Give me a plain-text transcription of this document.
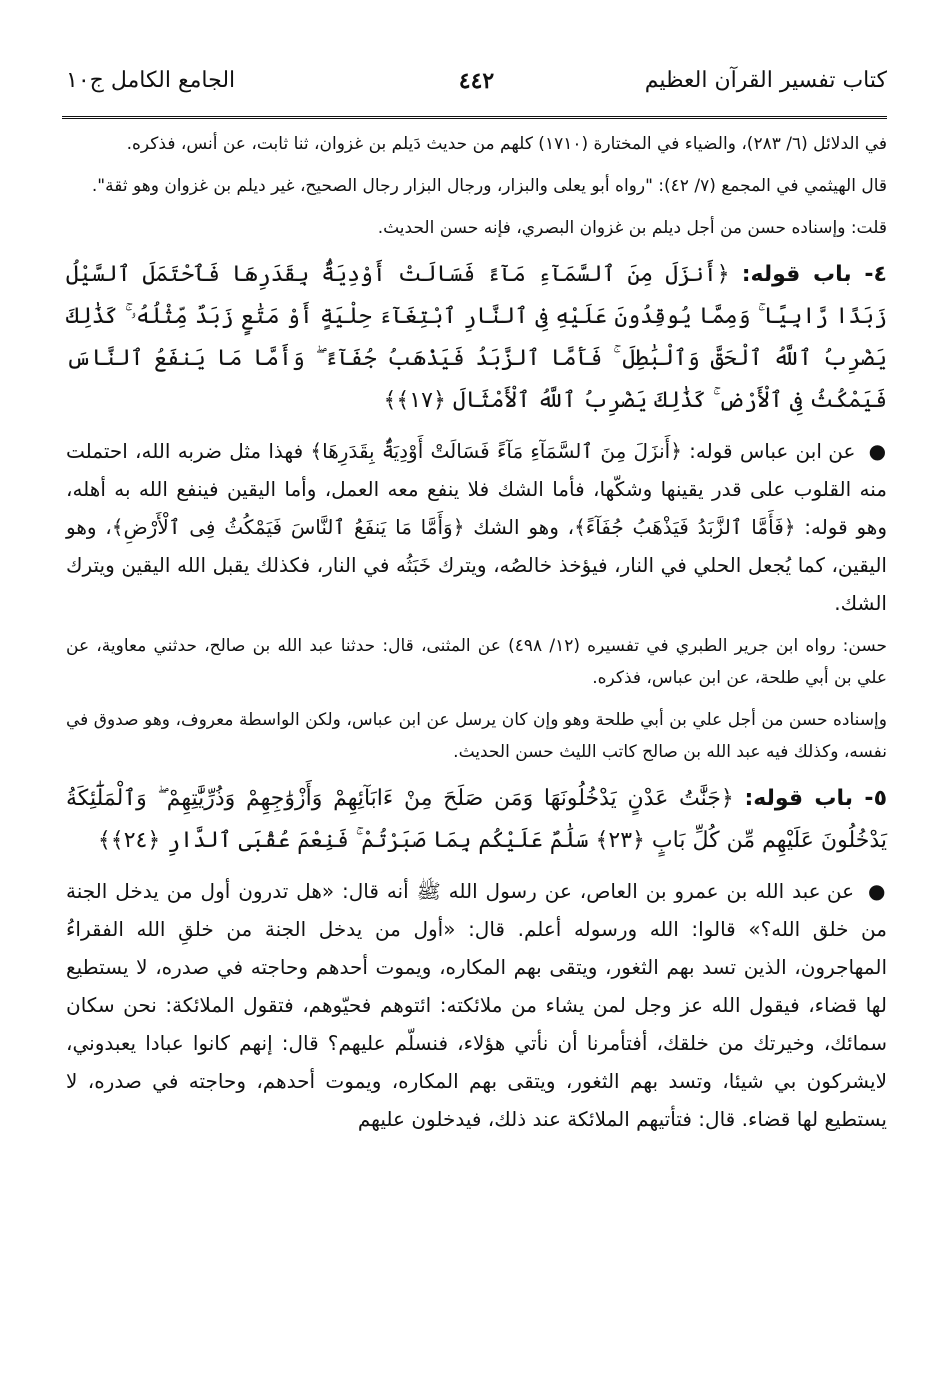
كتاب تفسير القرآن العظيم
٤٤٢
الجامع الكامل ج١٠

في الدلائل (٦/ ٢٨٣)، والضياء في المختارة (١٧١٠) كلهم من حديث دَيلم بن غزوان، ثنا ثابت، عن أنس، فذكره.

قال الهيثمي في المجمع (٧/ ٤٢): "رواه أبو يعلى والبزار، ورجال البزار رجال الصحيح، غير ديلم بن غزوان وهو ثقة".

قلت: وإسناده حسن من أجل ديلم بن غزوان البصري، فإنه حسن الحديث.

٤- باب قوله: ﴿أَنزَلَ مِنَ ٱلسَّمَآءِ مَآءً فَسَالَتْ أَوْدِيَةٌۢ بِقَدَرِهَا فَٱحْتَمَلَ ٱلسَّيْلُ زَبَدًا رَّابِيًا ۚ وَمِمَّا يُوقِدُونَ عَلَيْهِ فِى ٱلنَّارِ ٱبْتِغَآءَ حِلْيَةٍ أَوْ مَتَٰعٍ زَبَدٌ مِّثْلُهُۥ ۚ كَذَٰلِكَ يَضْرِبُ ٱللَّهُ ٱلْحَقَّ وَٱلْبَٰطِلَ ۚ فَأَمَّا ٱلزَّبَدُ فَيَذْهَبُ جُفَآءً ۖ وَأَمَّا مَا يَنفَعُ ٱلنَّاسَ فَيَمْكُثُ فِى ٱلْأَرْضِ ۚ كَذَٰلِكَ يَضْرِبُ ٱللَّهُ ٱلْأَمْثَالَ ﴿١٧﴾﴾

● عن ابن عباس قوله: ﴿أَنزَلَ مِنَ ٱلسَّمَآءِ مَآءً فَسَالَتْ أَوْدِيَةٌۢ بِقَدَرِهَا﴾ فهذا مثل ضربه الله، احتملت منه القلوب على قدر يقينها وشكّها، فأما الشك فلا ينفع معه العمل، وأما اليقين فينفع الله به أهله، وهو قوله: ﴿فَأَمَّا ٱلزَّبَدُ فَيَذْهَبُ جُفَآءً﴾، وهو الشك ﴿وَأَمَّا مَا يَنفَعُ ٱلنَّاسَ فَيَمْكُثُ فِى ٱلْأَرْضِ﴾، وهو اليقين، كما يُجعل الحلي في النار، فيؤخذ خالصُه، ويترك خَبَثُه في النار، فكذلك يقبل الله اليقين ويترك الشك.

حسن: رواه ابن جرير الطبري في تفسيره (١٢/ ٤٩٨) عن المثنى، قال: حدثنا عبد الله بن صالح، حدثني معاوية، عن علي بن أبي طلحة، عن ابن عباس، فذكره.

وإسناده حسن من أجل علي بن أبي طلحة وهو وإن كان يرسل عن ابن عباس، ولكن الواسطة معروف، وهو صدوق في نفسه، وكذلك فيه عبد الله بن صالح كاتب الليث حسن الحديث.

٥- باب قوله: ﴿جَنَّٰتُ عَدْنٍ يَدْخُلُونَهَا وَمَن صَلَحَ مِنْ ءَابَآئِهِمْ وَأَزْوَٰجِهِمْ وَذُرِّيَّٰتِهِمْ ۖ وَٱلْمَلَٰٓئِكَةُ يَدْخُلُونَ عَلَيْهِم مِّن كُلِّ بَابٍ ﴿٢٣﴾ سَلَٰمٌ عَلَيْكُم بِمَا صَبَرْتُمْ ۚ فَنِعْمَ عُقْبَى ٱلدَّارِ ﴿٢٤﴾﴾

● عن عبد الله بن عمرو بن العاص، عن رسول الله ﷺ أنه قال: «هل تدرون أول من يدخل الجنة من خلق الله؟» قالوا: الله ورسوله أعلم. قال: «أول من يدخل الجنة من خلقِ الله الفقراءُ المهاجرون، الذين تسد بهم الثغور، ويتقى بهم المكاره، ويموت أحدهم وحاجته في صدره، لا يستطيع لها قضاء، فيقول الله عز وجل لمن يشاء من ملائكته: ائتوهم فحيّوهم، فتقول الملائكة: نحن سكان سمائك، وخيرتك من خلقك، أفتأمرنا أن نأتي هؤلاء، فنسلّم عليهم؟ قال: إنهم كانوا عبادا يعبدوني، لايشركون بي شيئا، وتسد بهم الثغور، ويتقى بهم المكاره، ويموت أحدهم، وحاجته في صدره، لا يستطيع لها قضاء. قال: فتأتيهم الملائكة عند ذلك، فيدخلون عليهم
